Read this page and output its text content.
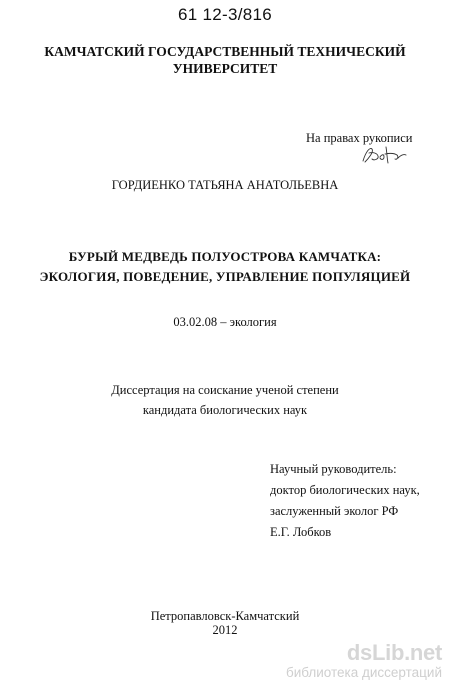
61 12-3/816
КАМЧАТСКИЙ ГОСУДАРСТВЕННЫЙ ТЕХНИЧЕСКИЙ
УНИВЕРСИТЕТ
На правах рукописи
ГОРДИЕНКО ТАТЬЯНА АНАТОЛЬЕВНА
БУРЫЙ МЕДВЕДЬ ПОЛУОСТРОВА КАМЧАТКА:
ЭКОЛОГИЯ, ПОВЕДЕНИЕ, УПРАВЛЕНИЕ ПОПУЛЯЦИЕЙ
03.02.08 – экология
Диссертация на соискание ученой степени
кандидата биологических наук
Научный руководитель:
доктор биологических наук,
заслуженный эколог РФ
Е.Г. Лобков
Петропавловск-Камчатский
2012
dsLib.net
библиотека диссертаций
